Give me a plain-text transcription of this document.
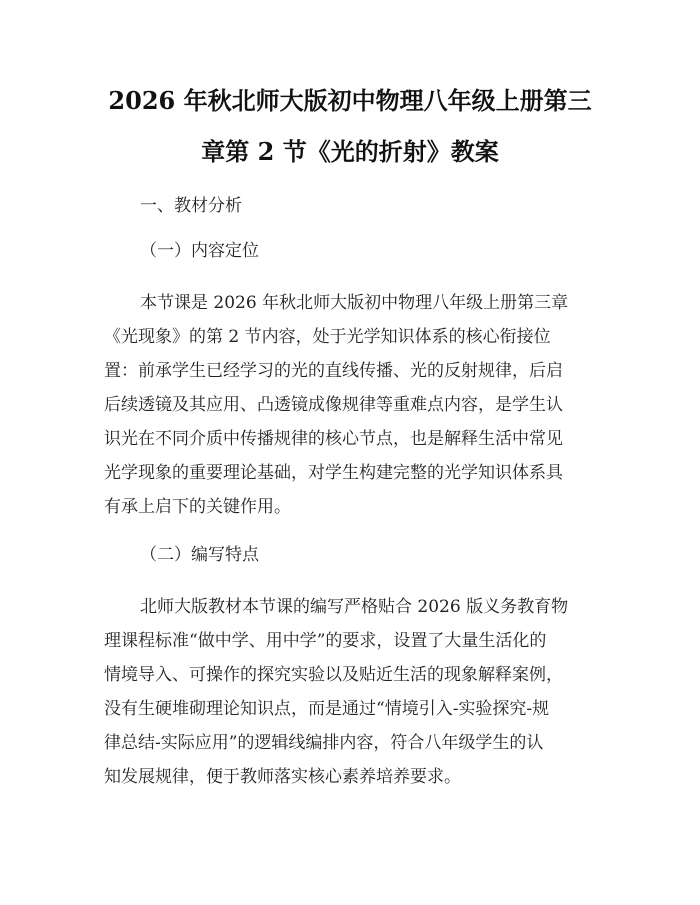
2026 年秋北师大版初中物理八年级上册第三
章第 2 节《光的折射》教案
一、教材分析
（一）内容定位
本节课是 2026 年秋北师大版初中物理八年级上册第三章
《光现象》的第 2 节内容，处于光学知识体系的核心衔接位
置：前承学生已经学习的光的直线传播、光的反射规律，后启
后续透镜及其应用、凸透镜成像规律等重难点内容，是学生认
识光在不同介质中传播规律的核心节点，也是解释生活中常见
光学现象的重要理论基础，对学生构建完整的光学知识体系具
有承上启下的关键作用。
（二）编写特点
北师大版教材本节课的编写严格贴合 2026 版义务教育物
理课程标准“做中学、用中学”的要求，设置了大量生活化的
情境导入、可操作的探究实验以及贴近生活的现象解释案例，
没有生硬堆砌理论知识点，而是通过“情境引入-实验探究-规
律总结-实际应用”的逻辑线编排内容，符合八年级学生的认
知发展规律，便于教师落实核心素养培养要求。
